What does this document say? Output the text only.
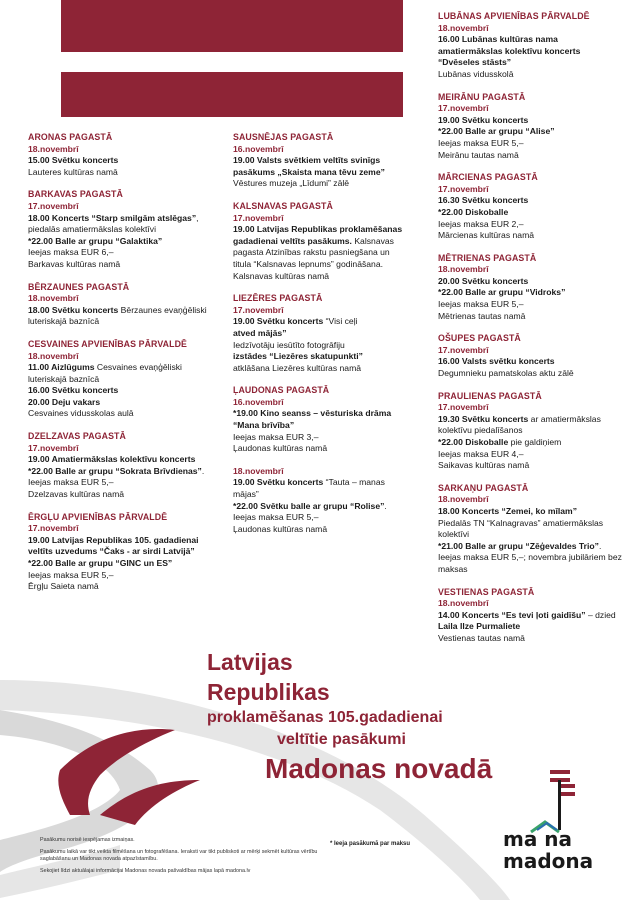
ARONAS PAGASTĀ
18.novembrī
15.00 Svētku koncerts
Lauteres kultūras namā
BARKAVAS PAGASTĀ
17.novembrī
18.00 Koncerts “Starp smilgām atslēgas”, piedalās amatiermākslas kolektīvi
*22.00 Balle ar grupu “Galaktika”
Ieejas maksa EUR 6,–
Barkavas kultūras namā
BĒRZAUNES PAGASTĀ
18.novembrī
18.00 Svētku koncerts Bērzaunes evaņģēliski luteriskajā baznīcā
CESVAINES APVIENĪBAS PĀRVALDĒ
18.novembrī
11.00 Aizlūgums Cesvaines evaņģēliski luteriskajā baznīcā
16.00 Svētku koncerts
20.00 Deju vakars
Cesvaines vidusskolas aulā
DZELZAVAS PAGASTĀ
17.novembrī
19.00 Amatiermākslas kolektīvu koncerts
*22.00 Balle ar grupu “Sokrata Brīvdienas”. Ieejas maksa EUR 5,–
Dzelzavas kultūras namā
ĒRGĻU APVIENĪBAS PĀRVALDĒ
17.novembrī
19.00 Latvijas Republikas 105. gadadienai veltīts uzvedums “Čaks - ar sirdi Latvijā”
*22.00 Balle ar grupu “GINC un ES”
Ieejas maksa EUR 5,–
Ērgļu Saieta namā
SAUSNĒJAS PAGASTĀ
16.novembrī
19.00 Valsts svētkiem veltīts svinīgs pasākums „Skaista mana tēvu zeme”
Vēstures muzeja „Līdumi” zālē
KALSNAVAS PAGASTĀ
17.novembrī
19.00 Latvijas Republikas proklamēšanas gadadienai veltīts pasākums. Kalsnavas pagasta Atzinības rakstu pasniegšana un titula “Kalsnavas lepnums” godināšana.
Kalsnavas kultūras namā
LIEZĒRES PAGASTĀ
17.novembrī
19.00 Svētku koncerts “Visi ceļi
atved mājās”
Iedzīvotāju iesūtīto fotogrāfiju
izstādes “Liezēres skatupunkti”
atklāšana Liezēres kultūras namā
ĻAUDONAS PAGASTĀ
16.novembrī
*19.00 Kino seanss – vēsturiska drāma “Mana brīvība”
Ieejas maksa EUR 3,–
Ļaudonas kultūras namā
18.novembrī
19.00 Svētku koncerts “Tauta – manas mājas”
*22.00 Svētku balle ar grupu “Rolise”. Ieejas maksa EUR 5,–
Ļaudonas kultūras namā
LUBĀNAS APVIENĪBAS PĀRVALDĒ
18.novembrī
16.00 Lubānas kultūras nama amatiermākslas kolektīvu koncerts “Dvēseles stāsts”
Lubānas vidusskolā
MEIRĀNU PAGASTĀ
17.novembrī
19.00 Svētku koncerts
*22.00 Balle ar grupu “Alise”
Ieejas maksa EUR 5,–
Meirānu tautas namā
MĀRCIENAS PAGASTĀ
17.novembrī
16.30 Svētku koncerts
*22.00 Diskoballe
Ieejas maksa EUR 2,–
Mārcienas kultūras namā
MĒTRIENAS PAGASTĀ
18.novembrī
20.00 Svētku koncerts
*22.00 Balle ar grupu “Vidroks”
Ieejas maksa EUR 5,–
Mētrienas tautas namā
OŠUPES PAGASTĀ
17.novembrī
16.00 Valsts svētku koncerts
Degumnieku pamatskolas aktu zālē
PRAULIENAS PAGASTĀ
17.novembrī
19.30 Svētku koncerts ar amatiermākslas kolektīvu piedalīšanos
*22.00 Diskoballe pie galdiņiem
Ieejas maksa EUR 4,–
Saikavas kultūras namā
SARKAŅU PAGASTĀ
18.novembrī
18.00 Koncerts “Zemei, ko mīlam”
Piedalās TN “Kalnagravas” amatiermākslas kolektīvi
*21.00 Balle ar grupu “Zēģevaldes Trio”. Ieejas maksa EUR 5,–; novembra jubilāriem bez maksas
VESTIENAS PAGASTĀ
18.novembrī
14.00 Koncerts “Es tevi ļoti gaidīšu” – dzied
Laila Ilze Purmaliete
Vestienas tautas namā
Latvijas
Republikas
proklamēšanas 105.gadadienai
veltītie pasākumi
Madonas novadā

Pasākumu norisē iespējamas izmaiņas.

Pasākumu laikā var tikt veikta filmēšana un fotografēšana. Ieraksti var tikt publiskoti ar mērķi sekmēt kultūras vērtību saglabāšanu un Madonas novada atpazīstamību.

Sekojiet līdzi aktuālajai informācijai Madonas novada pašvaldības mājas lapā madona.lv

* Ieeja pasākumā par maksu	ma na
madona
